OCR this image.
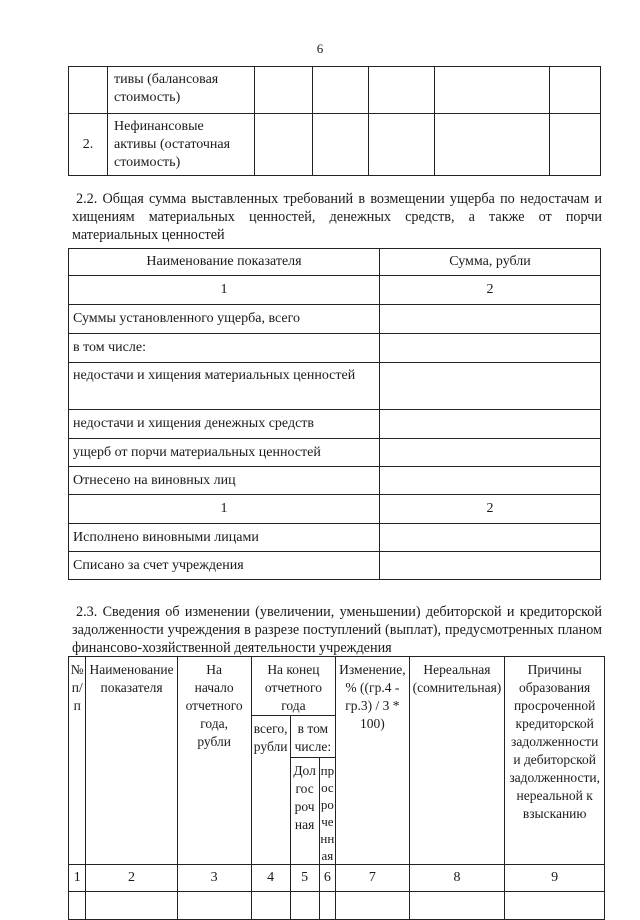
6
	тивы (балансовая стоимость)					
2.	Нефинансовые активы (остаточная стоимость)					
2.2. Общая сумма выставленных требований в возмещении ущерба по недостачам и хищениям материальных ценностей, денежных средств, а также от порчи материальных ценностей
Наименование показателя	Сумма, рубли
1	2
Суммы установленного ущерба, всего	
в том числе:	
недостачи и хищения материальных ценностей	
недостачи и хищения денежных средств	
ущерб от порчи материальных ценностей	
Отнесено на виновных лиц	
1	2
Исполнено виновными лицами	
Списано за счет учреждения	
2.3. Сведения об изменении (увеличении, уменьшении) дебиторской и кредиторской задолженности учреждения в разрезе поступлений (выплат), предусмотренных планом финансово-хозяйственной деятельности учреждения
№ п/п	Наименование показателя	На начало отчетного года, рубли	На конец отчетного года			Изменение, % ((гр.4 - гр.3) / 3 * 100)	Нереальная (сомнительная)	Причины образования просроченной кредиторской задолженности и дебиторской задолженности, нереальной к взысканию
			всего, рубли	в том числе:				
				Долгосрочная	просроченная			
1	2	3	4	5	6	7	8	9
